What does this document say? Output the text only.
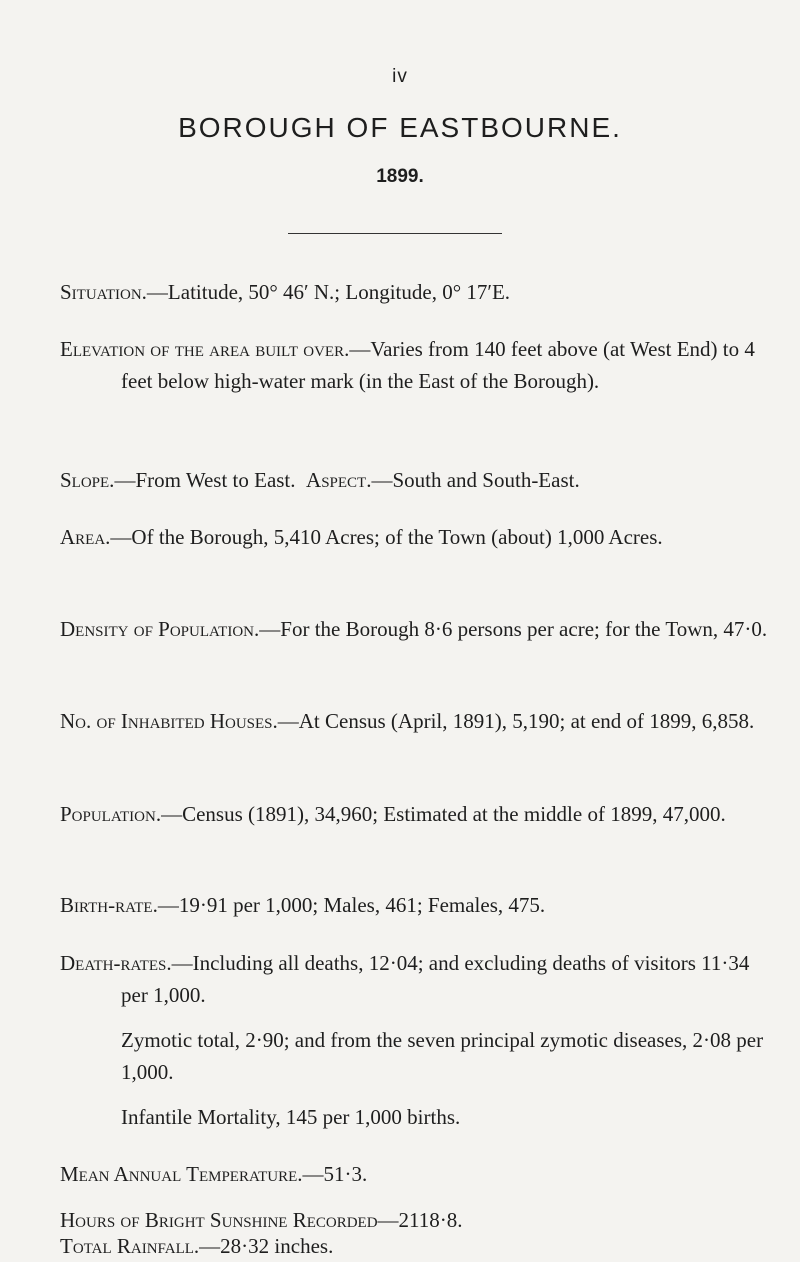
iv
BOROUGH OF EASTBOURNE.
1899.
Situation.—Latitude, 50° 46′ N.; Longitude, 0° 17′E.
Elevation of the area built over.—Varies from 140 feet above (at West End) to 4 feet below high-water mark (in the East of the Borough).
Slope.—From West to East. Aspect.—South and South-East.
Area.—Of the Borough, 5,410 Acres; of the Town (about) 1,000 Acres.
Density of Population.—For the Borough 8·6 persons per acre; for the Town, 47·0.
No. of Inhabited Houses.—At Census (April, 1891), 5,190; at end of 1899, 6,858.
Population.—Census (1891), 34,960; Estimated at the middle of 1899, 47,000.
Birth-rate.—19·91 per 1,000; Males, 461; Females, 475.
Death-rates.—Including all deaths, 12·04; and excluding deaths of visitors 11·34 per 1,000.
Zymotic total, 2·90; and from the seven principal zymotic diseases, 2·08 per 1,000.
Infantile Mortality, 145 per 1,000 births.
Mean Annual Temperature.—51·3.
Hours of Bright Sunshine Recorded—2118·8.
Total Rainfall.—28·32 inches.
